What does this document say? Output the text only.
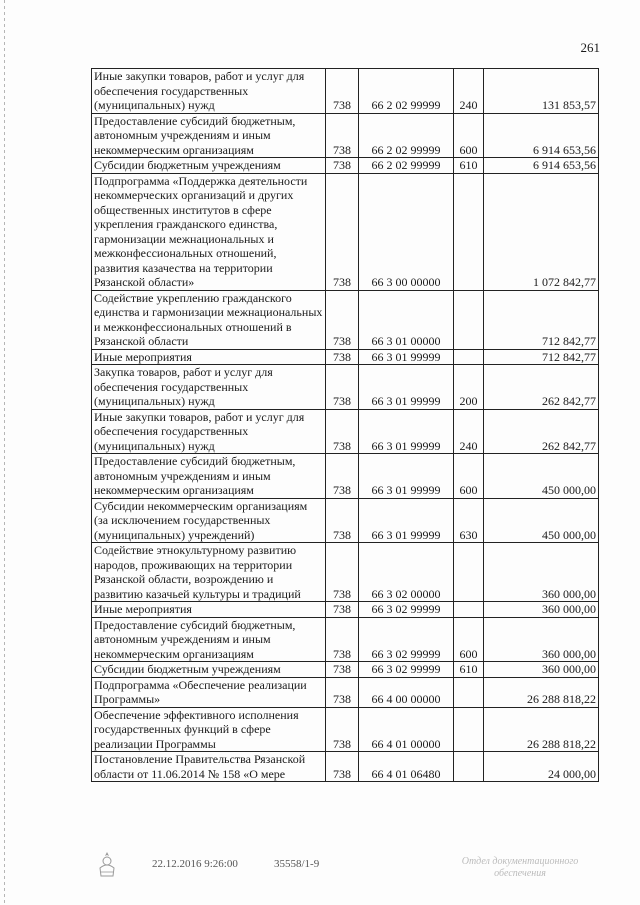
261
Иные закупки товаров, работ и услуг для обеспечения государственных (муниципальных) нужд	738	66 2 02 99999	240	131 853,57
Предоставление субсидий бюджетным, автономным учреждениям и иным некоммерческим организациям	738	66 2 02 99999	600	6 914 653,56
Субсидии бюджетным учреждениям	738	66 2 02 99999	610	6 914 653,56
Подпрограмма «Поддержка деятельности некоммерческих организаций и других общественных институтов в сфере укрепления гражданского единства, гармонизации межнациональных и межконфессиональных отношений, развития казачества на территории Рязанской области»	738	66 3 00 00000		1 072 842,77
Содействие укреплению гражданского единства и гармонизации межнациональных и межконфессиональных отношений в Рязанской области	738	66 3 01 00000		712 842,77
Иные мероприятия	738	66 3 01 99999		712 842,77
Закупка товаров, работ и услуг для обеспечения государственных (муниципальных) нужд	738	66 3 01 99999	200	262 842,77
Иные закупки товаров, работ и услуг для обеспечения государственных (муниципальных) нужд	738	66 3 01 99999	240	262 842,77
Предоставление субсидий бюджетным, автономным учреждениям и иным некоммерческим организациям	738	66 3 01 99999	600	450 000,00
Субсидии некоммерческим организациям (за исключением государственных (муниципальных) учреждений)	738	66 3 01 99999	630	450 000,00
Содействие этнокультурному развитию народов, проживающих на территории Рязанской области, возрождению и развитию казачьей культуры и традиций	738	66 3 02 00000		360 000,00
Иные мероприятия	738	66 3 02 99999		360 000,00
Предоставление субсидий бюджетным, автономным учреждениям и иным некоммерческим организациям	738	66 3 02 99999	600	360 000,00
Субсидии бюджетным учреждениям	738	66 3 02 99999	610	360 000,00
Подпрограмма «Обеспечение реализации Программы»	738	66 4 00 00000		26 288 818,22
Обеспечение эффективного исполнения государственных функций в сфере реализации Программы	738	66 4 01 00000		26 288 818,22
Постановление Правительства Рязанской области от 11.06.2014 № 158 «О мере	738	66 4 01 06480		24 000,00
22.12.2016 9:26:00	35558/1-9	Отдел документационного обеспечения
